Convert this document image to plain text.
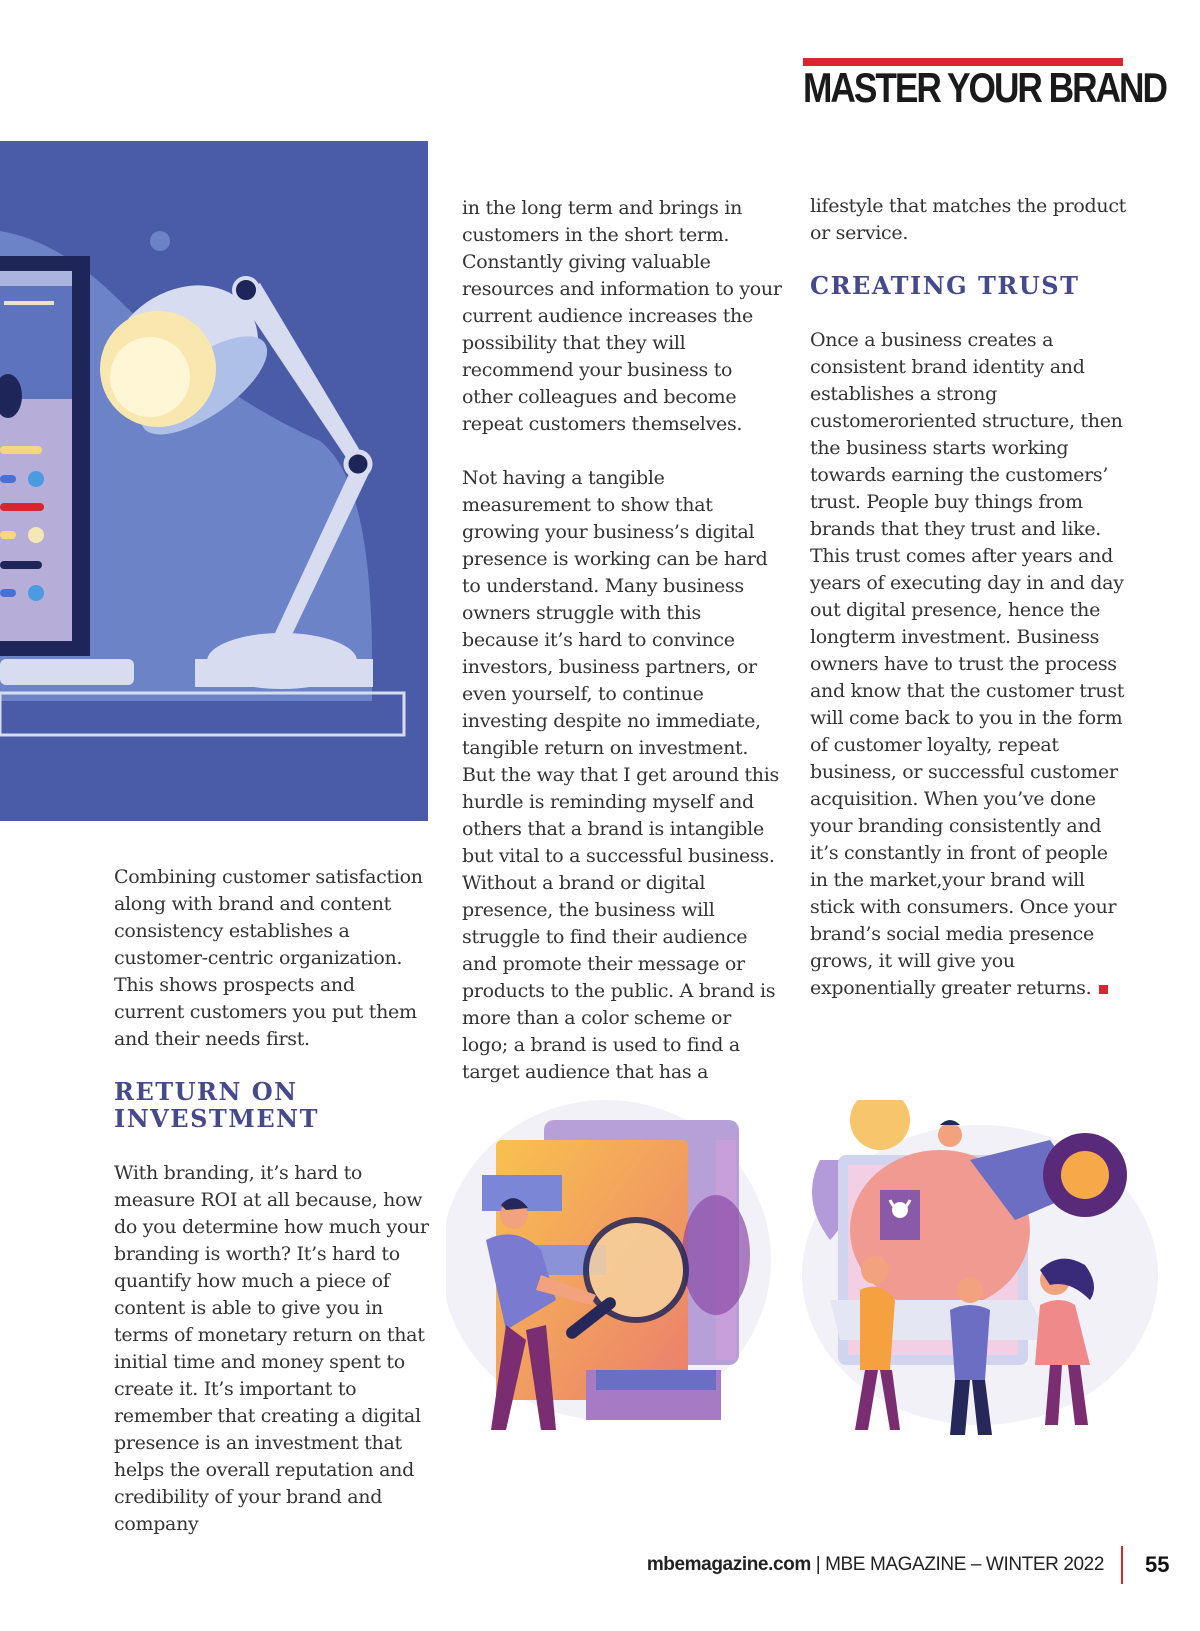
MASTER YOUR BRAND

Combining customer satisfaction along with brand and content consistency establishes a customer-centric organization. This shows prospects and current customers you put them and their needs first.

RETURN ON INVESTMENT

With branding, it’s hard to measure ROI at all because, how do you determine how much your branding is worth? It’s hard to quantify how much a piece of content is able to give you in terms of monetary return on that initial time and money spent to create it. It’s important to remember that creating a digital presence is an investment that helps the overall reputation and credibility of your brand and company

in the long term and brings in customers in the short term. Constantly giving valuable resources and information to your current audience increases the possibility that they will recommend your business to other colleagues and become repeat customers themselves.

Not having a tangible measurement to show that growing your business’s digital presence is working can be hard to understand. Many business owners struggle with this because it’s hard to convince investors, business partners, or even yourself, to continue investing despite no immediate, tangible return on investment. But the way that I get around this hurdle is reminding myself and others that a brand is intangible but vital to a successful business. Without a brand or digital presence, the business will struggle to find their audience and promote their message or products to the public. A brand is more than a color scheme or logo; a brand is used to find a target audience that has a

lifestyle that matches the product or service.

CREATING TRUST

Once a business creates a consistent brand identity and establishes a strong customeroriented structure, then the business starts working towards earning the customers’ trust. People buy things from brands that they trust and like. This trust comes after years and years of executing day in and day out digital presence, hence the longterm investment. Business owners have to trust the process and know that the customer trust will come back to you in the form of customer loyalty, repeat business, or successful customer acquisition. When you’ve done your branding consistently and it’s constantly in front of people in the market,your brand will stick with consumers. Once your brand’s social media presence grows, it will give you exponentially greater returns.

mbemagazine.com | MBE MAGAZINE – WINTER 2022 55
